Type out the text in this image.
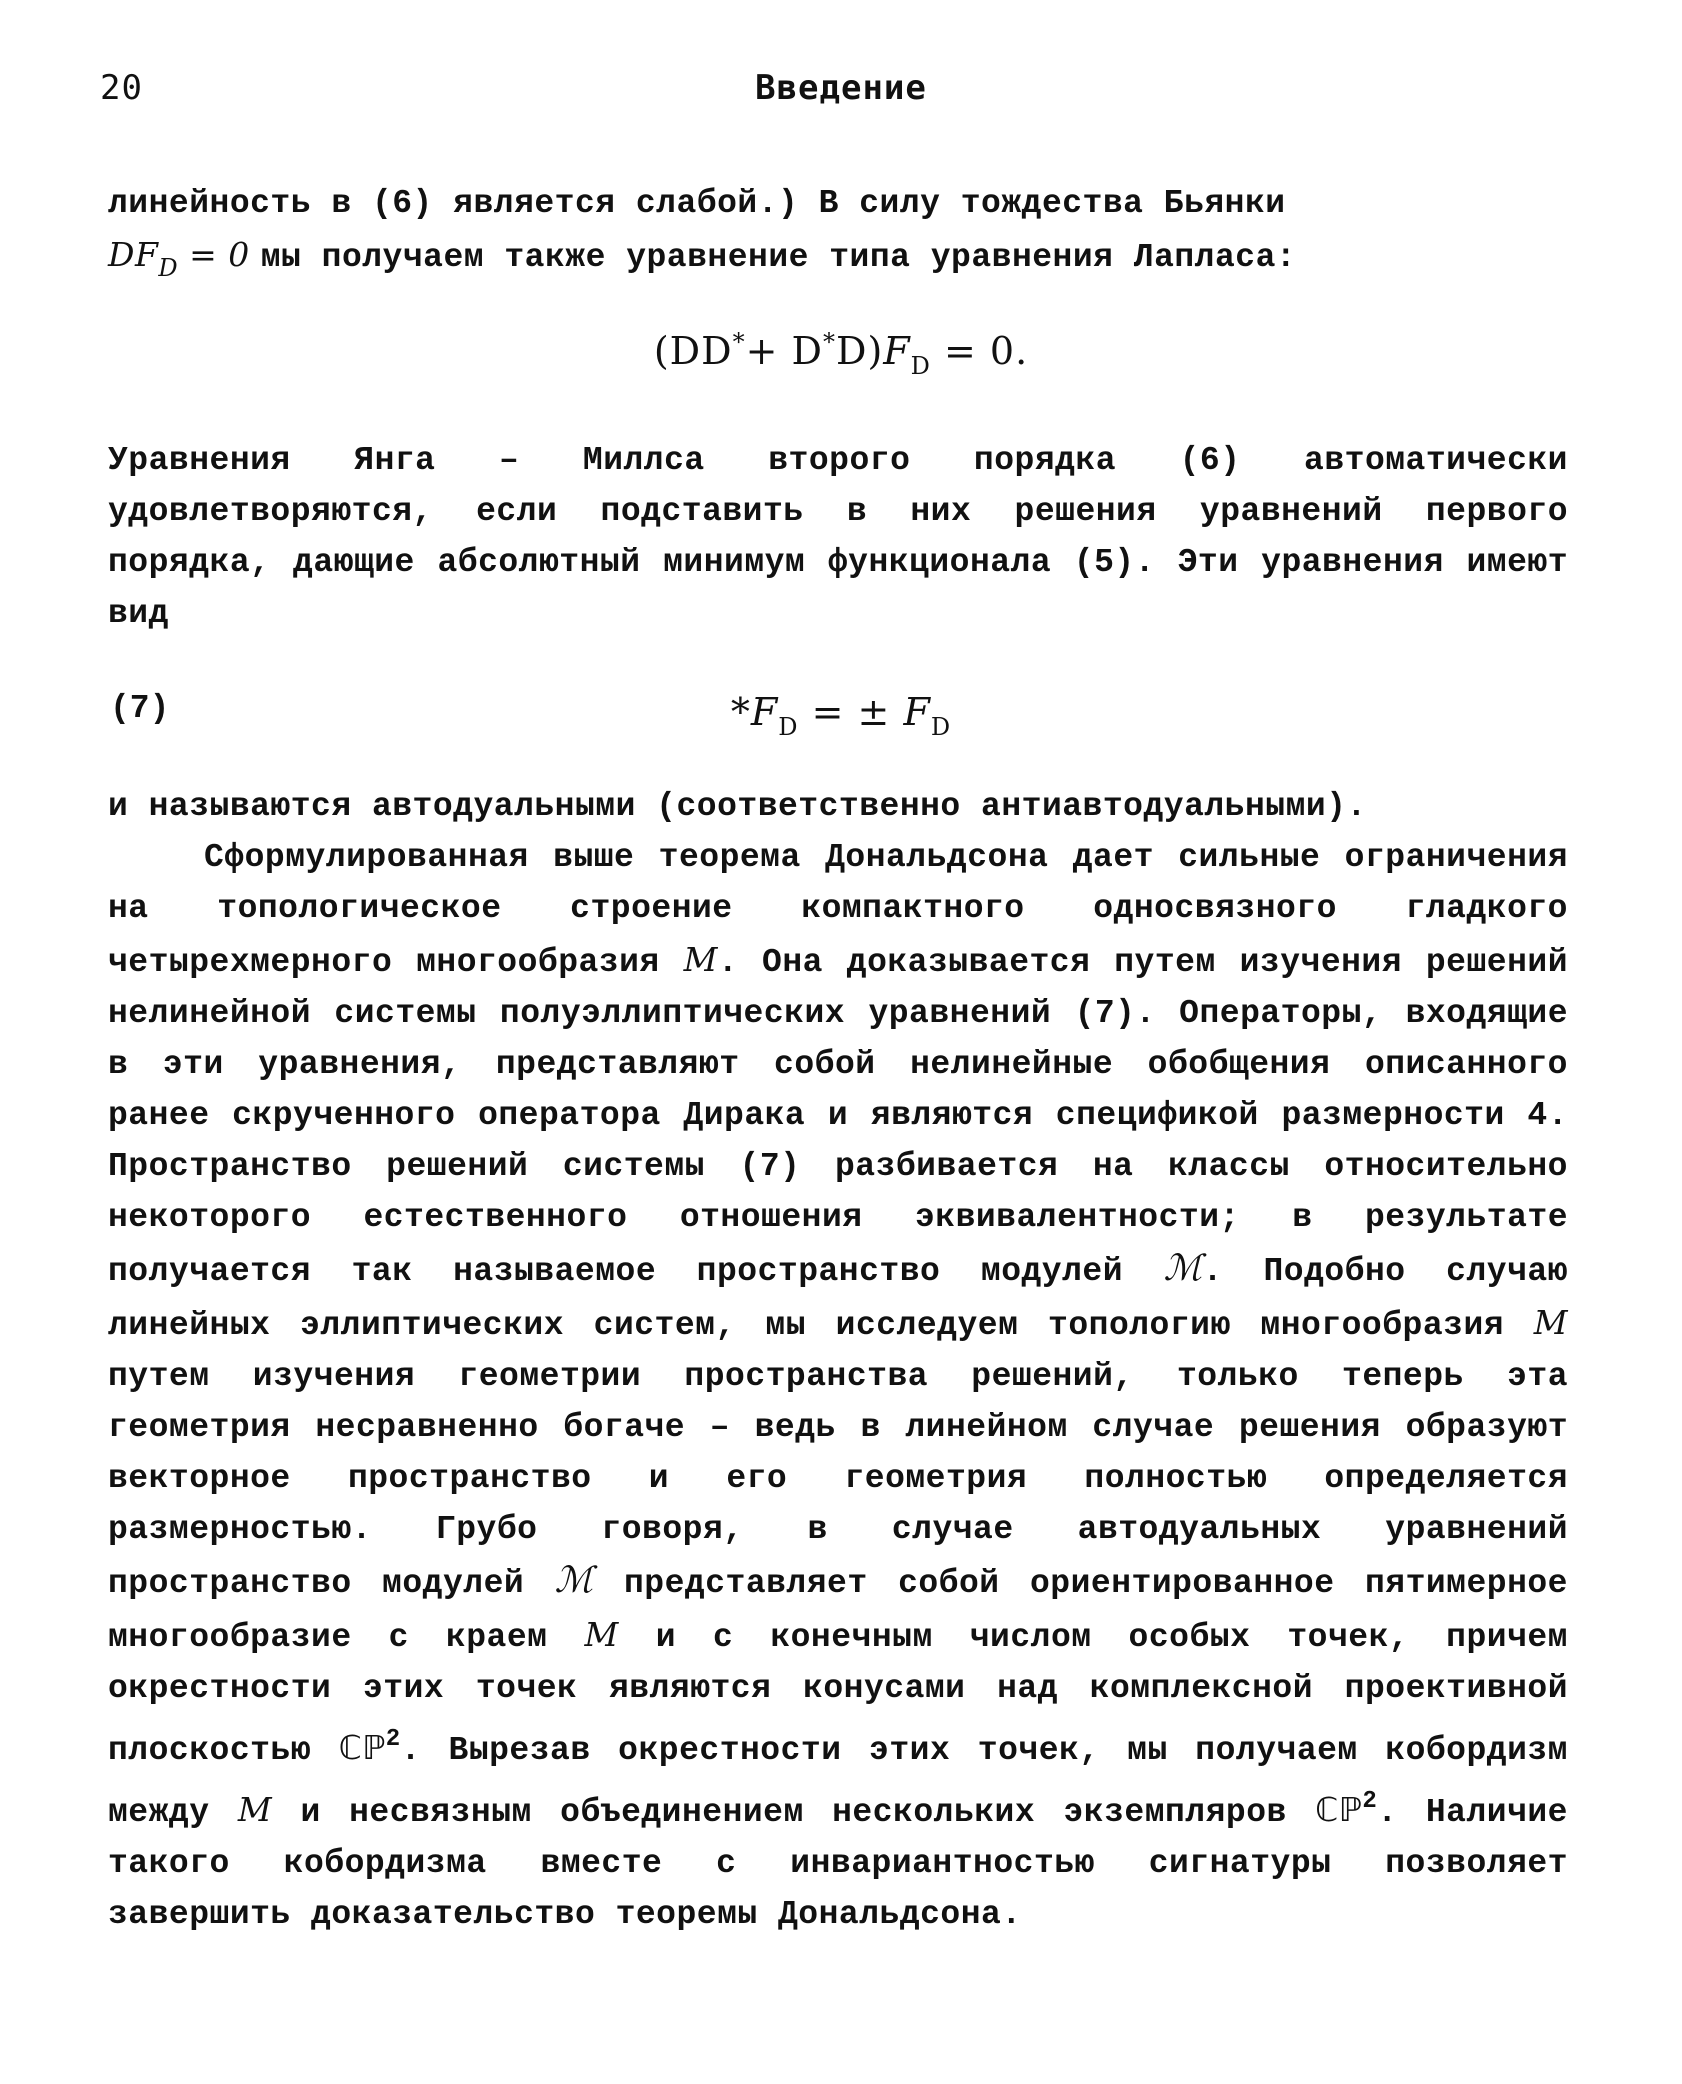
20	Введение
линейность в (6) является слабой.) В силу тождества Бьянки
$DF_D = 0$ мы получаем также уравнение типа уравнения Лапласа:
$(DD^*+ D^*D)F_D = 0$.
Уравнения Янга – Миллса второго порядка (6) автоматически удовлетворяются, если подставить в них решения уравнений первого порядка, дающие абсолютный минимум функционала (5). Эти уравнения имеют вид
(7)	$*F_D$ = ± $F_D$
и называются автодуальными (соответственно антиавтодуальными).
Сформулированная выше теорема Дональдсона дает сильные ограничения на топологическое строение компактного односвязного гладкого четырехмерного многообразия M. Она доказывается путем изучения решений нелинейной системы полуэллиптических уравнений (7). Операторы, входящие в эти уравнения, представляют собой нелинейные обобщения описанного ранее скрученного оператора Дирака и являются спецификой размерности 4. Пространство решений системы (7) разбивается на классы относительно некоторого естественного отношения эквивалентности; в результате получается так называемое пространство модулей ℳ. Подобно случаю линейных эллиптических систем, мы исследуем топологию многообразия M путем изучения геометрии пространства решений, только теперь эта геометрия несравненно богаче – ведь в линейном случае решения образуют векторное пространство и его геометрия полностью определяется размерностью. Грубо говоря, в случае автодуальных уравнений пространство модулей ℳ представляет собой ориентированное пятимерное многообразие с краем M и с конечным числом особых точек, причем окрестности этих точек являются конусами над комплексной проективной плоскостью ℂℙ$^2$. Вырезав окрестности этих точек, мы получаем кобордизм между M и несвязным объединением нескольких экземпляров ℂℙ$^2$. Наличие такого кобордизма вместе с инвариантностью сигнатуры позволяет завершить доказательство теоремы Дональдсона.
